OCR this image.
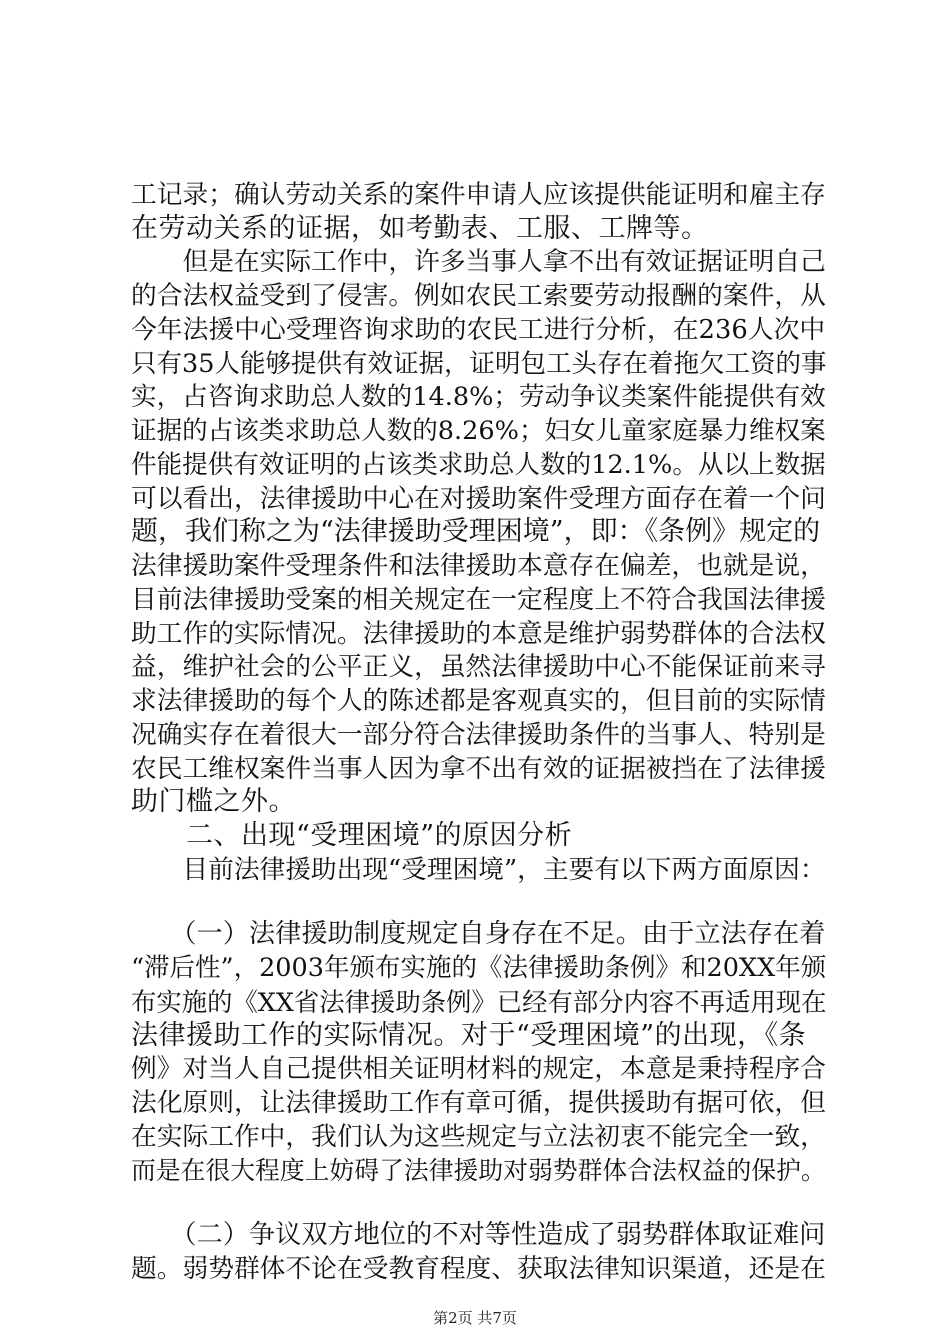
工记录；确认劳动关系的案件申请人应该提供能证明和雇主存
在劳动关系的证据，如考勤表、工服、工牌等。
　　但是在实际工作中，许多当事人拿不出有效证据证明自己
的合法权益受到了侵害。例如农民工索要劳动报酬的案件，从
今年法援中心受理咨询求助的农民工进行分析，在236人次中
只有35人能够提供有效证据，证明包工头存在着拖欠工资的事
实，占咨询求助总人数的14.8%；劳动争议类案件能提供有效
证据的占该类求助总人数的8.26%；妇女儿童家庭暴力维权案
件能提供有效证明的占该类求助总人数的12.1%。从以上数据
可以看出，法律援助中心在对援助案件受理方面存在着一个问
题，我们称之为“法律援助受理困境”，即：《条例》规定的
法律援助案件受理条件和法律援助本意存在偏差，也就是说，
目前法律援助受案的相关规定在一定程度上不符合我国法律援
助工作的实际情况。法律援助的本意是维护弱势群体的合法权
益，维护社会的公平正义，虽然法律援助中心不能保证前来寻
求法律援助的每个人的陈述都是客观真实的，但目前的实际情
况确实存在着很大一部分符合法律援助条件的当事人、特别是
农民工维权案件当事人因为拿不出有效的证据被挡在了法律援
助门槛之外。
　　二、出现“受理困境”的原因分析
　　目前法律援助出现“受理困境”，主要有以下两方面原因：
　　（一）法律援助制度规定自身存在不足。由于立法存在着
“滞后性”，2003年颁布实施的《法律援助条例》和20XX年颁
布实施的《XX省法律援助条例》已经有部分内容不再适用现在
法律援助工作的实际情况。对于“受理困境”的出现，《条
例》对当人自己提供相关证明材料的规定，本意是秉持程序合
法化原则，让法律援助工作有章可循，提供援助有据可依，但
在实际工作中，我们认为这些规定与立法初衷不能完全一致，
而是在很大程度上妨碍了法律援助对弱势群体合法权益的保护。
　　（二）争议双方地位的不对等性造成了弱势群体取证难问
题。弱势群体不论在受教育程度、获取法律知识渠道，还是在
第2页 共7页
